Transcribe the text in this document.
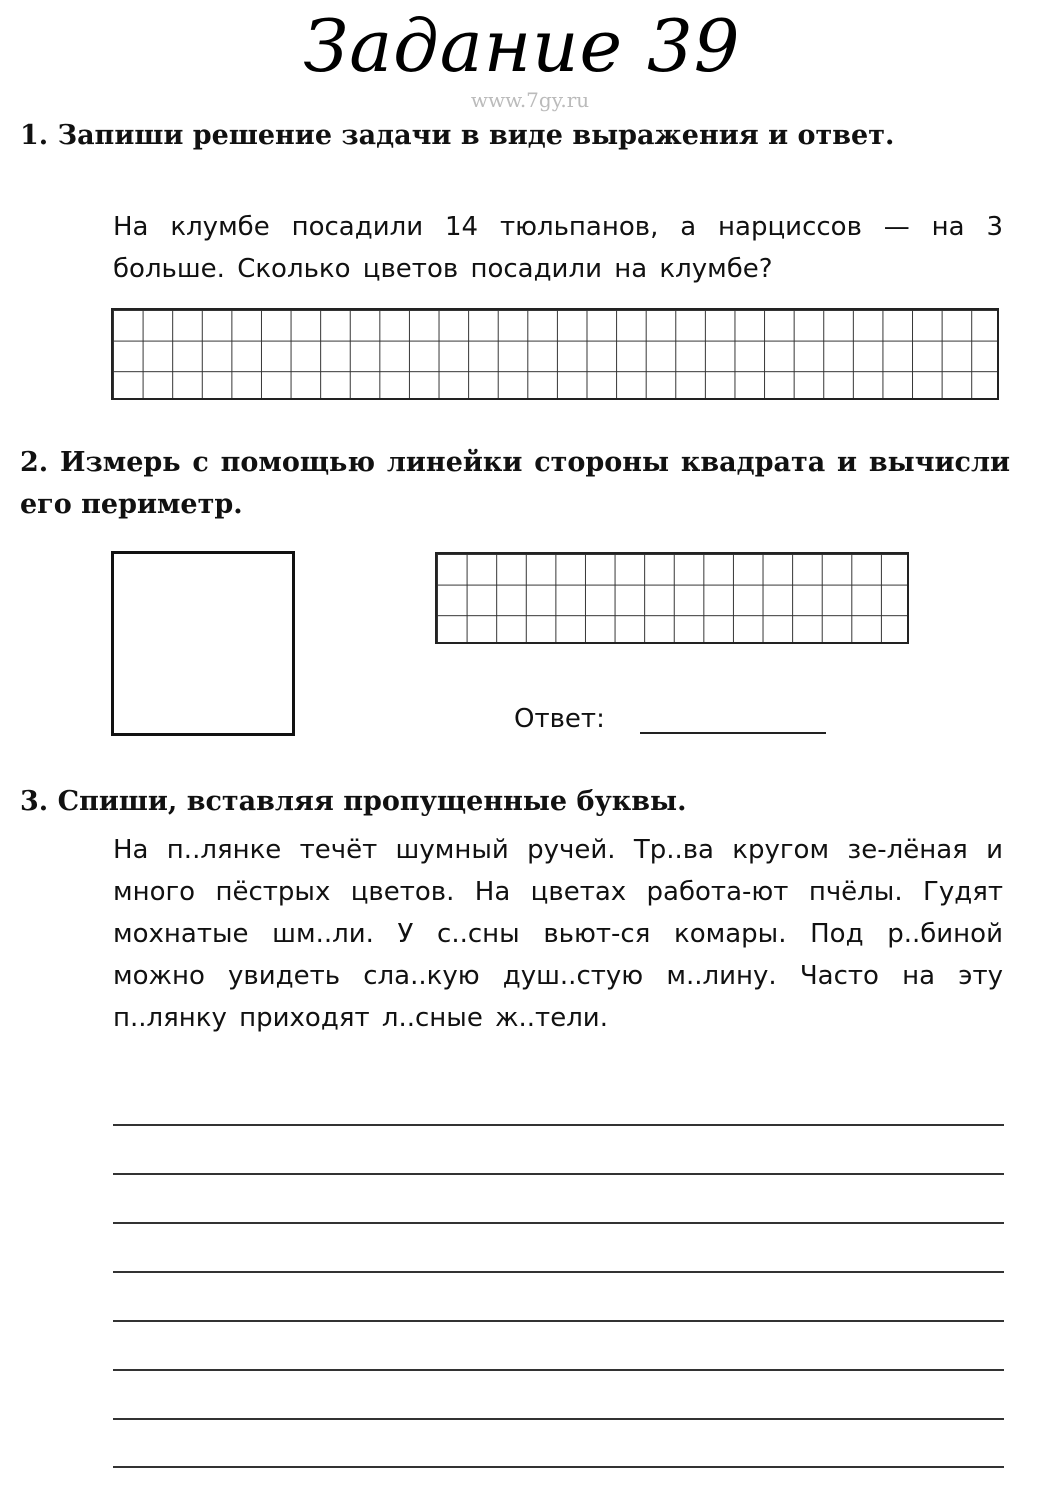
Задание 39
www.7gy.ru
1. Запиши решение задачи в виде выражения и ответ.
На клумбе посадили 14 тюльпанов, а нарциссов — на 3 больше. Сколько цветов посадили на клумбе?
2. Измерь с помощью линейки стороны квадрата и вычисли его периметр.
Ответ:
3. Спиши, вставляя пропущенные буквы.
На п..лянке течёт шумный ручей. Тр..ва кругом зе-лёная и много пёстрых цветов. На цветах работа-ют пчёлы. Гудят мохнатые шм..ли. У с..сны вьют-ся комары. Под р..биной можно увидеть сла..кую душ..стую м..лину. Часто на эту п..лянку приходят л..сные ж..тели.
